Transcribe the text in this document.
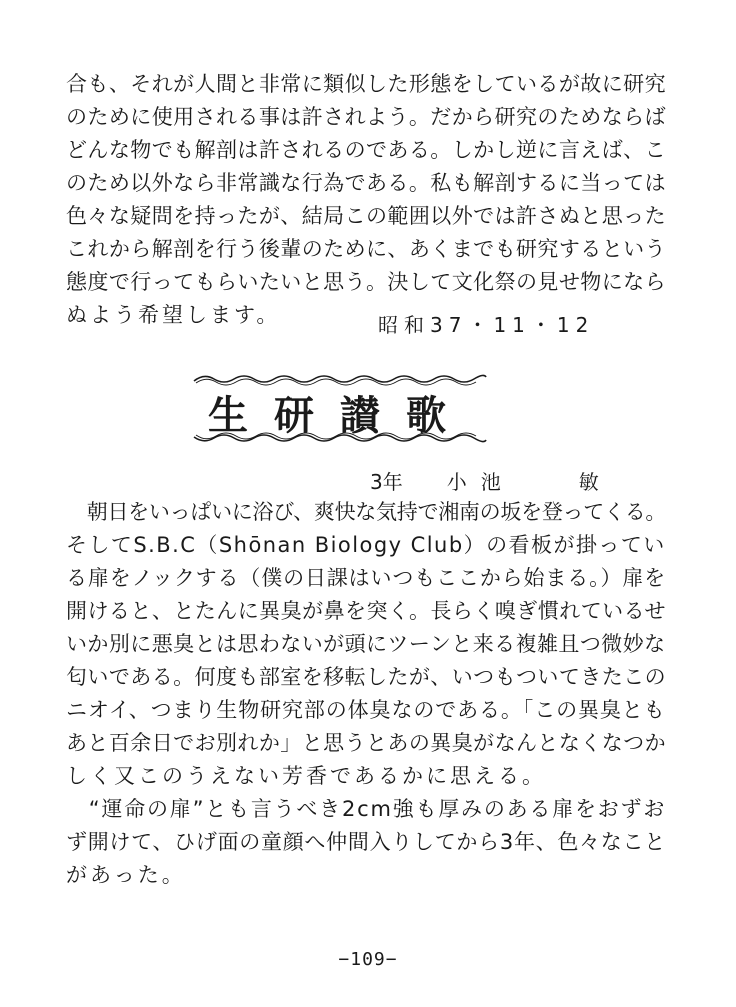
合も、それが人間と非常に類似した形態をしているが故に研究
のために使用される事は許されよう。だから研究のためならば
どんな物でも解剖は許されるのである。しかし逆に言えば、こ
のため以外なら非常識な行為である。私も解剖するに当っては
色々な疑問を持ったが、結局この範囲以外では許さぬと思った
これから解剖を行う後輩のために、あくまでも研究するという
態度で行ってもらいたいと思う。決して文化祭の見せ物になら
ぬよう希望します。	昭和37・11・12
生研讃歌
3年 小池	敏
　朝日をいっぱいに浴び、爽快な気持で湘南の坂を登ってくる。
そしてS.B.C（Shōnan Biology Club）の看板が掛ってい
る扉をノックする（僕の日課はいつもここから始まる。）扉を
開けると、とたんに異臭が鼻を突く。長らく嗅ぎ慣れているせ
いか別に悪臭とは思わないが頭にツーンと来る複雑且つ微妙な
匂いである。何度も部室を移転したが、いつもついてきたこの
ニオイ、つまり生物研究部の体臭なのである。「この異臭とも
あと百余日でお別れか」と思うとあの異臭がなんとなくなつか
しく又このうえない芳香であるかに思える。
　“運命の扉”とも言うべき2cm強も厚みのある扉をおずお
ず開けて、ひげ面の童顔へ仲間入りしてから3年、色々なこと
があった。
−109−
